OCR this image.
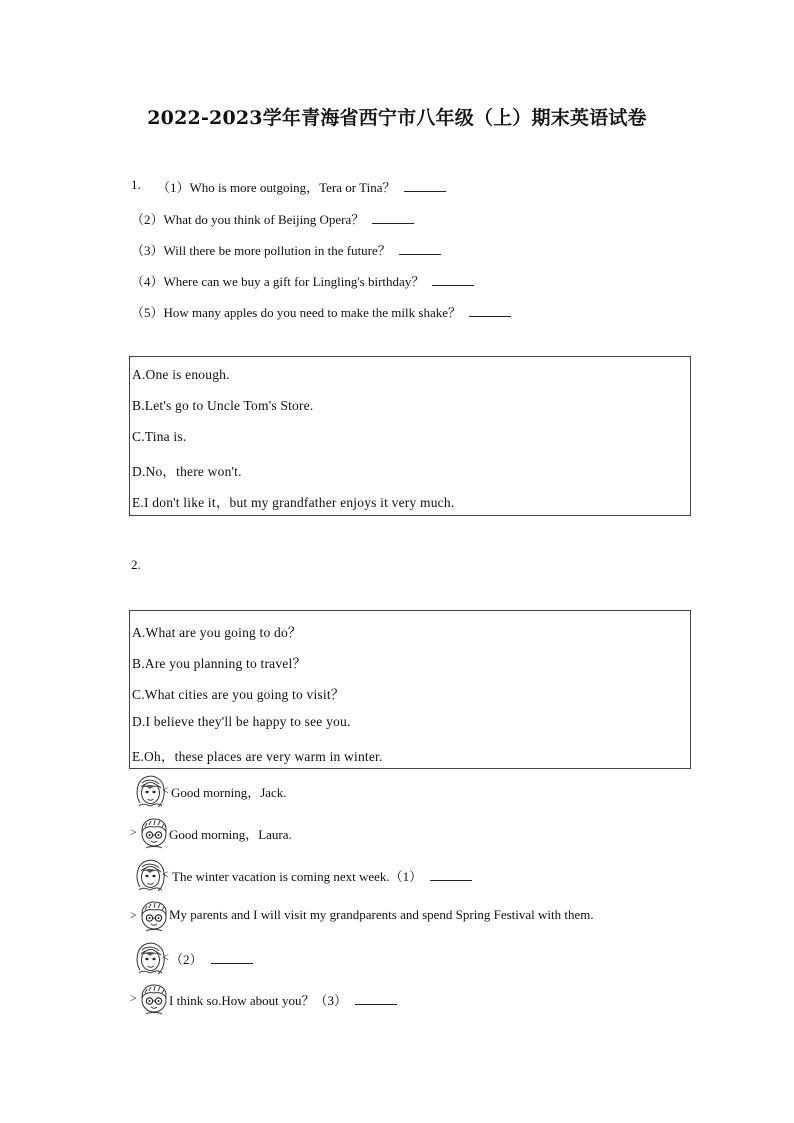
2022-2023学年青海省西宁市八年级（上）期末英语试卷
1. （1）Who is more outgoing，Tera or Tina？
（2）What do you think of Beijing Opera？
（3）Will there be more pollution in the future？
（4）Where can we buy a gift for Lingling's birthday？
（5）How many apples do you need to make the milk shake？
A.One is enough.
B.Let's go to Uncle Tom's Store.
C.Tina is.
D.No，there won't.
E.I don't like it，but my grandfather enjoys it very much.
2.
A.What are you going to do？
B.Are you planning to travel？
C.What cities are you going to visit？
D.I believe they'll be happy to see you.
E.Oh，these places are very warm in winter.
< Good morning，Jack.
> Good morning，Laura.
< The winter vacation is coming next week.（1）
> My parents and I will visit my grandparents and spend Spring Festival with them.
< （2）
> I think so.How about you？（3）
